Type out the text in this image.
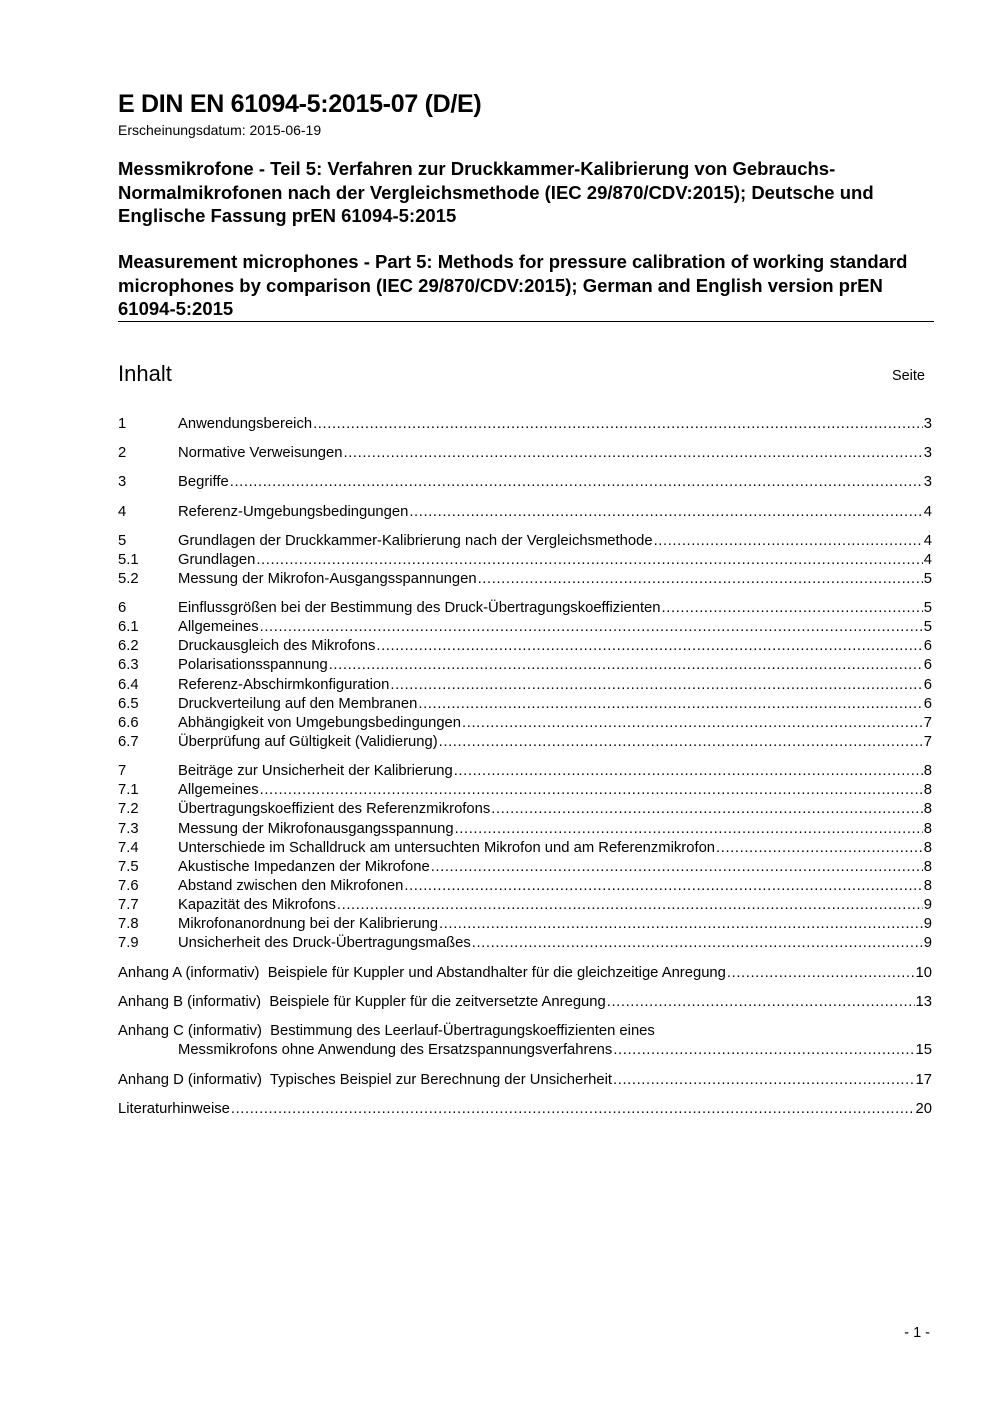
E DIN EN 61094-5:2015-07 (D/E)
Erscheinungsdatum: 2015-06-19

Messmikrofone - Teil 5: Verfahren zur Druckkammer-Kalibrierung von Gebrauchs-Normalmikrofonen nach der Vergleichsmethode (IEC 29/870/CDV:2015); Deutsche und Englische Fassung prEN 61094-5:2015

Measurement microphones - Part 5: Methods for pressure calibration of working standard microphones by comparison (IEC 29/870/CDV:2015); German and English version prEN 61094-5:2015

Inhalt	Seite
1	Anwendungsbereich .....	3
2	Normative Verweisungen .....	3
3	Begriffe .....	3
4	Referenz-Umgebungsbedingungen .....	4
5	Grundlagen der Druckkammer-Kalibrierung nach der Vergleichsmethode .....	4
5.1	Grundlagen .....	4
5.2	Messung der Mikrofon-Ausgangsspannungen .....	5
6	Einflussgrößen bei der Bestimmung des Druck-Übertragungskoeffizienten .....	5
6.1	Allgemeines .....	5
6.2	Druckausgleich des Mikrofons .....	6
6.3	Polarisationsspannung .....	6
6.4	Referenz-Abschirmkonfiguration .....	6
6.5	Druckverteilung auf den Membranen .....	6
6.6	Abhängigkeit von Umgebungsbedingungen .....	7
6.7	Überprüfung auf Gültigkeit (Validierung) .....	7
7	Beiträge zur Unsicherheit der Kalibrierung .....	8
7.1	Allgemeines .....	8
7.2	Übertragungskoeffizient des Referenzmikrofons .....	8
7.3	Messung der Mikrofonausgangsspannung .....	8
7.4	Unterschiede im Schalldruck am untersuchten Mikrofon und am Referenzmikrofon .....	8
7.5	Akustische Impedanzen der Mikrofone .....	8
7.6	Abstand zwischen den Mikrofonen .....	8
7.7	Kapazität des Mikrofons .....	9
7.8	Mikrofonanordnung bei der Kalibrierung .....	9
7.9	Unsicherheit des Druck-Übertragungsmaßes .....	9
Anhang A (informativ)  Beispiele für Kuppler und Abstandhalter für die gleichzeitige Anregung .....	10
Anhang B (informativ)  Beispiele für Kuppler für die zeitversetzte Anregung .....	13
Anhang C (informativ)  Bestimmung des Leerlauf-Übertragungskoeffizienten eines
Messmikrofons ohne Anwendung des Ersatzspannungsverfahrens .....	15
Anhang D (informativ)  Typisches Beispiel zur Berechnung der Unsicherheit .....	17
Literaturhinweise .....	20
- 1 -
